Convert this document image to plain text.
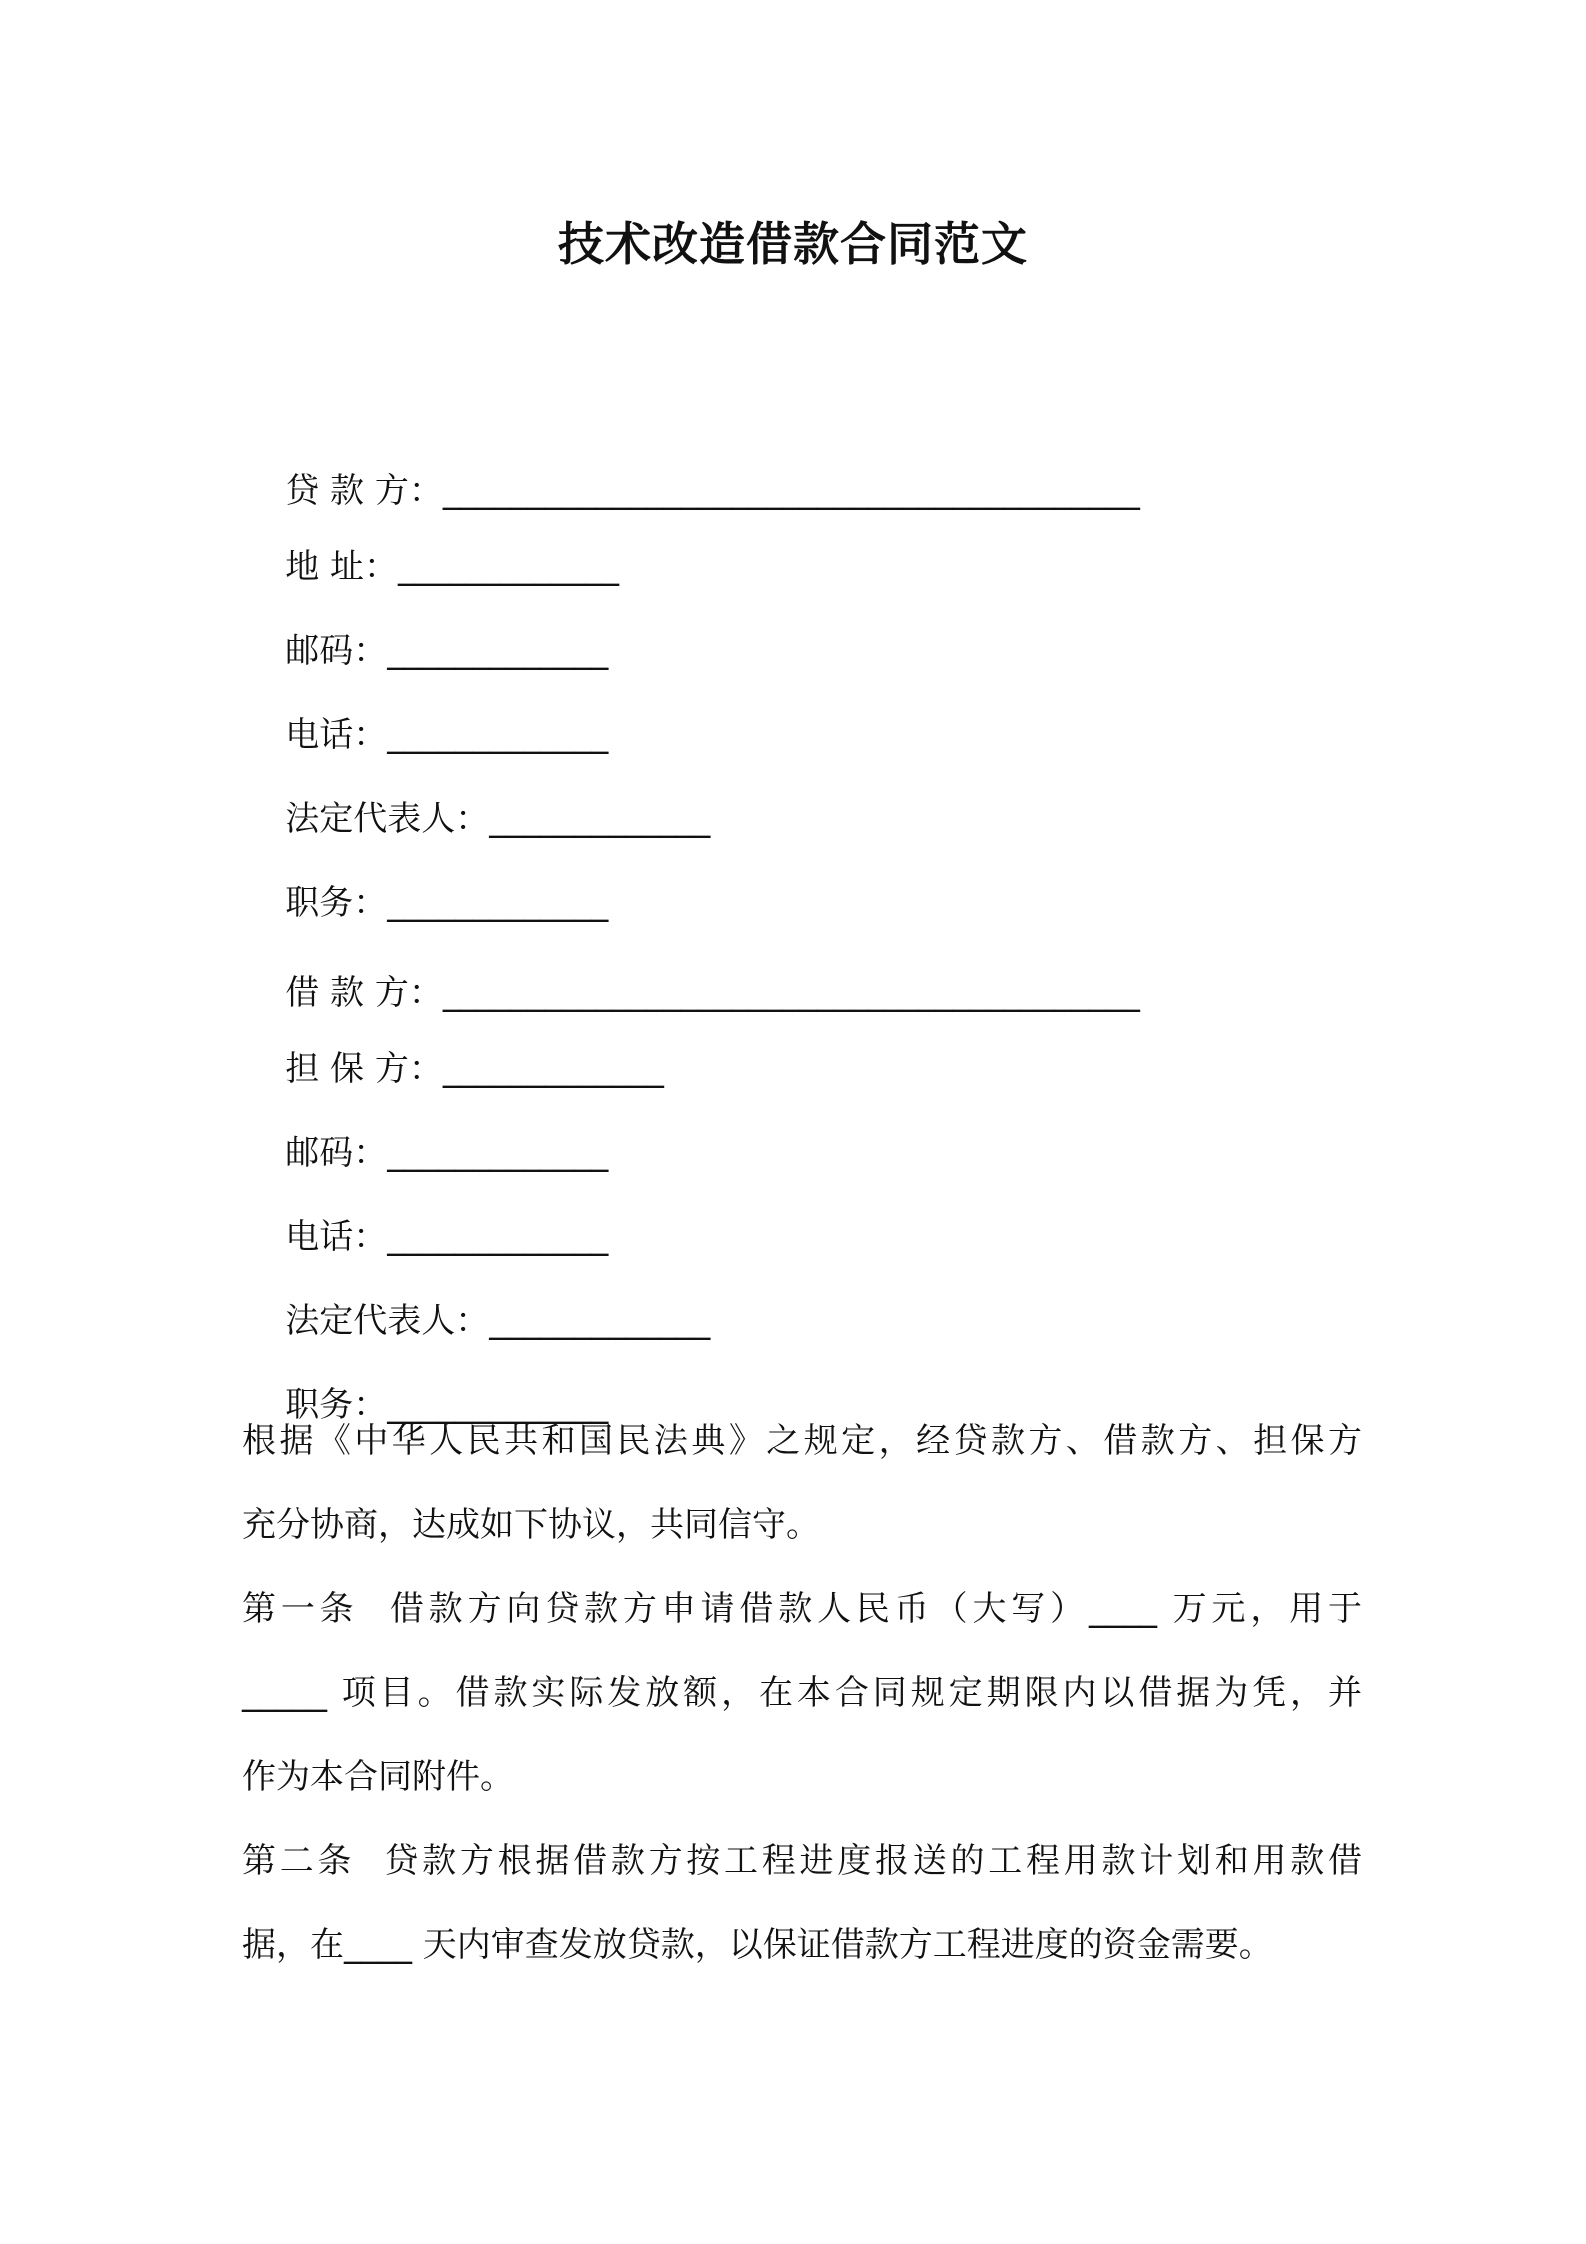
技术改造借款合同范文

贷 款 方：_________________________________________

地 址：_____________

邮码：_____________

电话：_____________

法定代表人：_____________

职务：_____________

借 款 方：_________________________________________

担 保 方：_____________

邮码：_____________

电话：_____________

法定代表人：_____________

职务：_____________

根据《中华人民共和国民法典》之规定，经贷款方、借款方、担保方
充分协商，达成如下协议，共同信守。
第一条  借款方向贷款方申请借款人民币（大写）____ 万元，用于
_____ 项目。借款实际发放额，在本合同规定期限内以借据为凭，并
作为本合同附件。
第二条  贷款方根据借款方按工程进度报送的工程用款计划和用款借
据，在____ 天内审查发放贷款，以保证借款方工程进度的资金需要。
